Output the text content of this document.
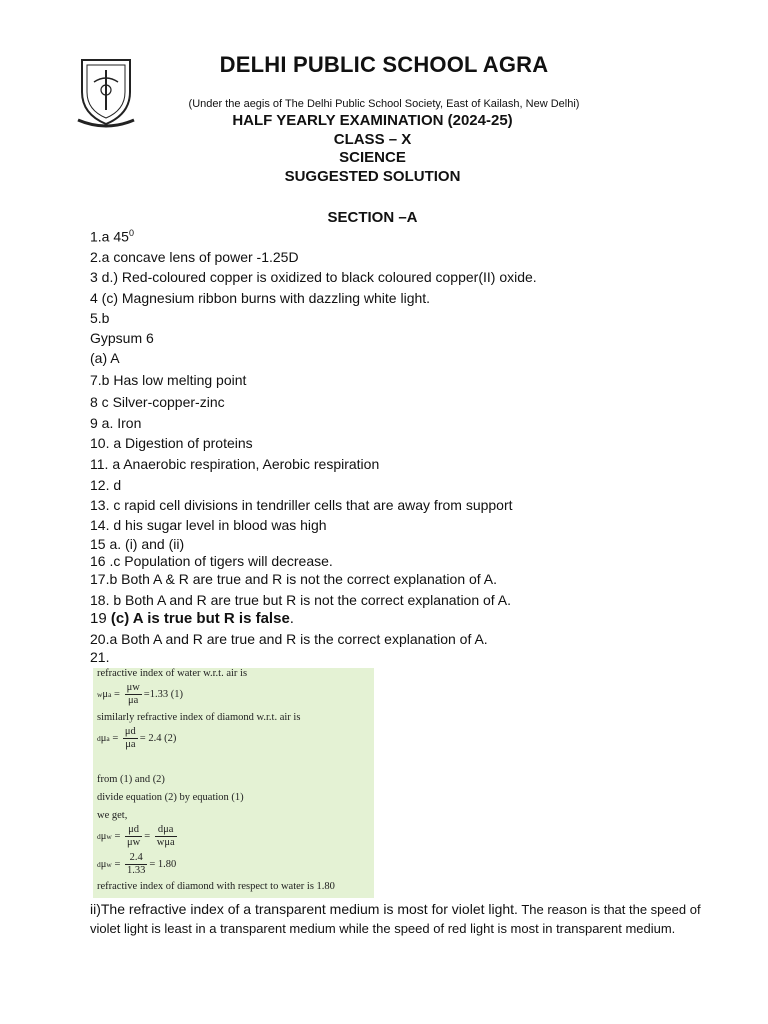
DELHI PUBLIC SCHOOL AGRA
(Under the aegis of The Delhi Public School Society, East of Kailash, New Delhi)
HALF YEARLY EXAMINATION (2024-25)
CLASS – X
SCIENCE
SUGGESTED SOLUTION
SECTION –A
1.a $45^0$
2.a concave lens of power -1.25D
3 d.) Red-coloured copper is oxidized to black coloured copper(II) oxide.
4 (c) Magnesium ribbon burns with dazzling white light.
5.b
Gypsum 6
(a) A
7.b Has low melting point
8 c Silver-copper-zinc
9 a. Iron
10. a Digestion of proteins
11. a Anaerobic respiration, Aerobic respiration
12. d
13. c rapid cell divisions in tendriller cells that are away from support
14. d his sugar level in blood was high
15 a. (i) and (ii)
16 .c Population of tigers will decrease.
17.b Both A & R are true and R is not the correct explanation of A.
18. b Both A and R are true but R is not the correct explanation of A.
19 (c) A is true but R is false.
20.a Both A and R are true and R is the correct explanation of A.
21.
refractive index of water w.r.t. air is
$w\mu a = \frac{\mu w}{\mu a} =1.33$ (1)
similarly refractive index of diamond w.r.t. air is
$d\mu a = \frac{\mu d}{\mu a} = 2.4$ (2)
from (1) and (2)
divide equation (2) by equation (1)
we get,
$d\mu w = \frac{\mu d}{\mu w} = \frac{\text{dμa}}{\text{wμa}}$
$d\mu w = \frac{2.4}{1.33} = 1.80$
refractive index of diamond with respect to water is 1.80
ii)The refractive index of a transparent medium is most for violet light. The reason is that the speed of violet light is least in a transparent medium while the speed of red light is most in transparent medium.
